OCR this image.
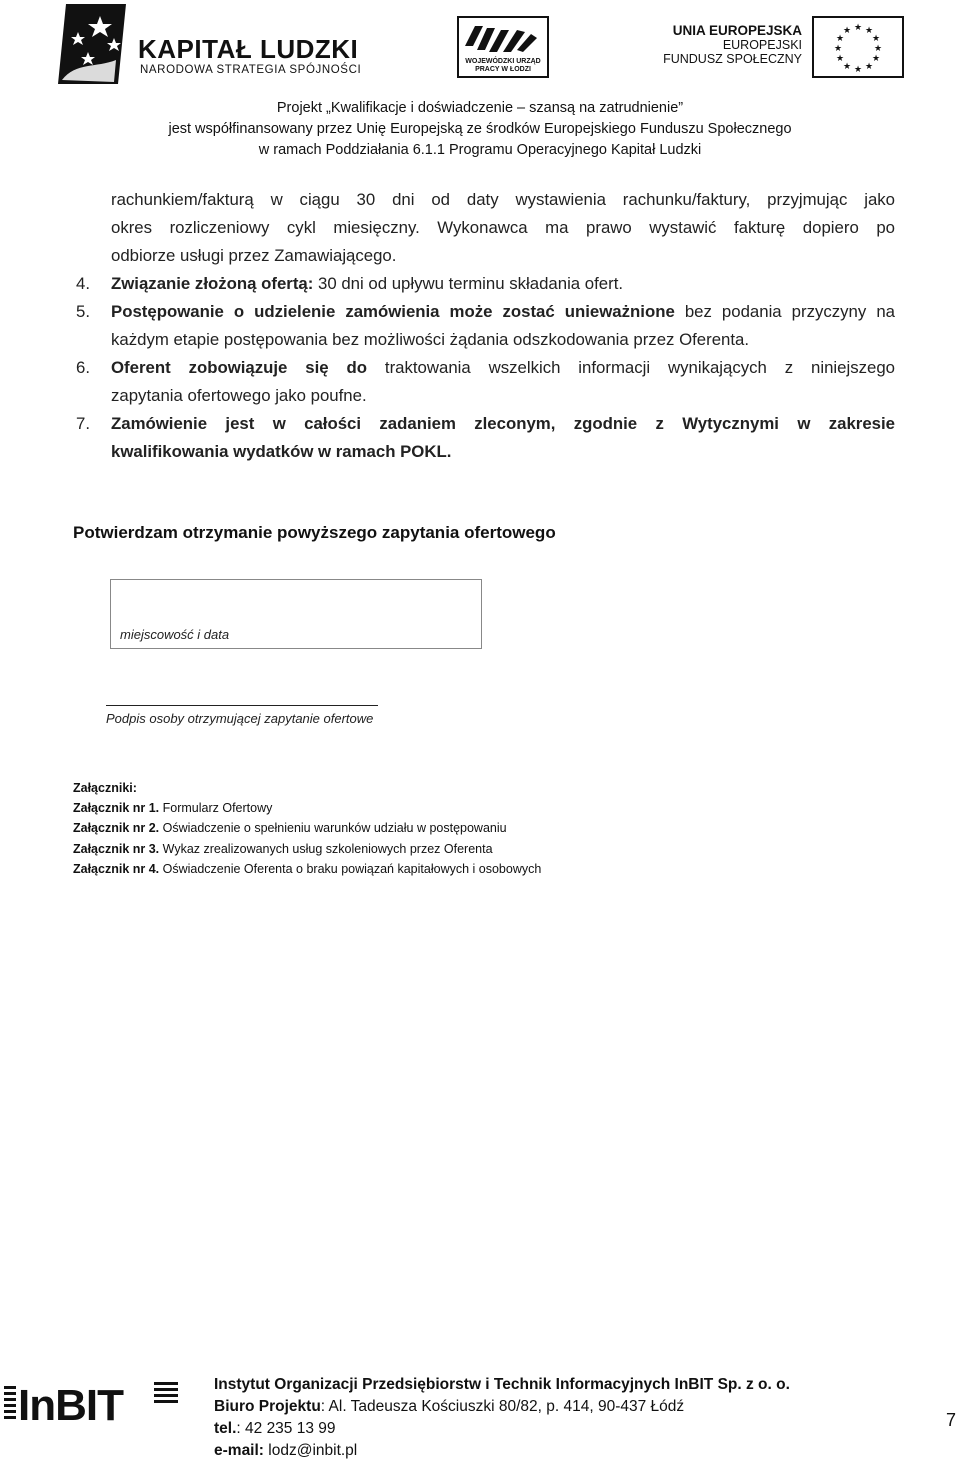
KAPITAŁ LUDZKI
NARODOWA STRATEGIA SPÓJNOŚCI
WOJEWÓDZKI URZĄD PRACY W ŁODZI
UNIA EUROPEJSKA
EUROPEJSKI
FUNDUSZ SPOŁECZNY
★ ★
★
★
★
★
★
★
★
★
★
★
Projekt „Kwalifikacje i doświadczenie – szansą na zatrudnienie”
jest współfinansowany przez Unię Europejską ze środków Europejskiego Funduszu Społecznego
w ramach Poddziałania 6.1.1 Programu Operacyjnego Kapitał Ludzki
rachunkiem/fakturą w ciągu 30 dni od daty wystawienia rachunku/faktury, przyjmując jako
okres rozliczeniowy cykl miesięczny. Wykonawca ma prawo wystawić fakturę dopiero po
odbiorze usługi przez Zamawiającego.
4. Związanie złożoną ofertą: 30 dni od upływu terminu składania ofert.
5. Postępowanie o udzielenie zamówienia może zostać unieważnione bez podania przyczyny na
każdym etapie postępowania bez możliwości żądania odszkodowania przez Oferenta.
6. Oferent zobowiązuje się do traktowania wszelkich informacji wynikających z niniejszego
zapytania ofertowego jako poufne.
7. Zamówienie jest w całości zadaniem zleconym, zgodnie z Wytycznymi w zakresie
kwalifikowania wydatków w ramach POKL.
Potwierdzam otrzymanie powyższego zapytania ofertowego
miejscowość i data
Podpis osoby otrzymującej zapytanie ofertowe
Załączniki:
Załącznik nr 1. Formularz Ofertowy
Załącznik nr 2. Oświadczenie o spełnieniu warunków udziału w postępowaniu
Załącznik nr 3. Wykaz zrealizowanych usług szkoleniowych przez Oferenta
Załącznik nr 4. Oświadczenie Oferenta o braku powiązań kapitałowych i osobowych
InBIT	Instytut Organizacji Przedsiębiorstw i Technik Informacyjnych InBIT Sp. z o. o.
Biuro Projektu: Al. Tadeusza Kościuszki 80/82, p. 414, 90-437 Łódź
tel.: 42 235 13 99
e-mail: lodz@inbit.pl
7
